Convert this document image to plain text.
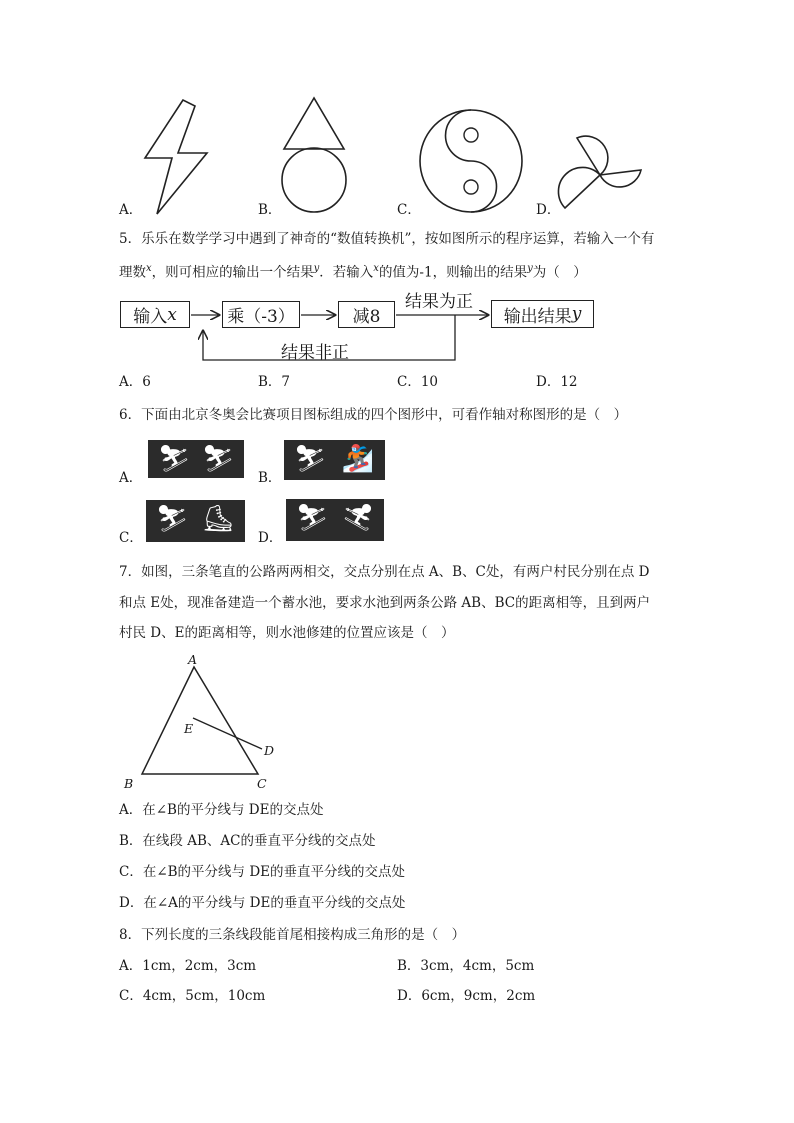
A．	B．	C．	D．
5．乐乐在数学学习中遇到了神奇的“数值转换机”，按如图所示的程序运算，若输入一个有
理数$^x$，则可相应的输出一个结果$^y$．若输入$^x$的值为-1，则输出的结果$^y$为（　）
输入 x	乘（-3）	减8	输出结果 y
结果为正
结果非正
A．6	B．7	C．10	D．12
6．下面由北京冬奥会比赛项目图标组成的四个图形中，可看作轴对称图形的是（　）
A．
⛷ ⛷
B．
⛷ 🏂
C．
⛷ ⛸
D．
⛷ ⛷
7．如图，三条笔直的公路两两相交，交点分别在点 A、B、C处，有两户村民分别在点 D
和点 E处，现准备建造一个蓄水池，要求水池到两条公路 AB、BC的距离相等，且到两户
村民 D、E的距离相等，则水池修建的位置应该是（　）
A
E
D
B	C
A．在∠B的平分线与 DE的交点处
B．在线段 AB、AC的垂直平分线的交点处
C．在∠B的平分线与 DE的垂直平分线的交点处
D．在∠A的平分线与 DE的垂直平分线的交点处
8．下列长度的三条线段能首尾相接构成三角形的是（　）
A．1cm，2cm，3cm	B．3cm，4cm，5cm
C．4cm，5cm，10cm	D．6cm，9cm，2cm
